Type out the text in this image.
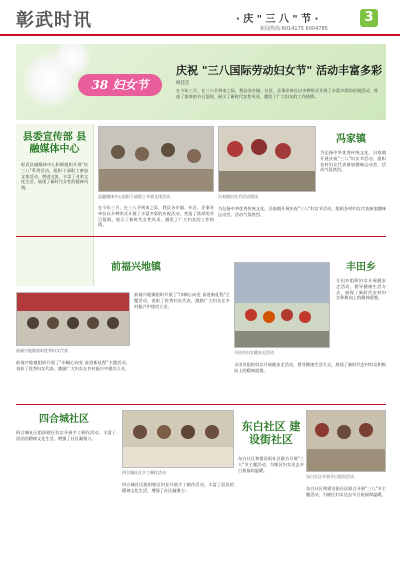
彰武时讯	· 庆 " 三 八 " 节 ·	3
新闻热线:6014175 6004785
38 妇女节
庆祝 "三八国际劳动妇女节" 活动丰富多彩
杨佳佳
在今年三月，在三八节到来之际，我县各乡镇、社区、企事业单位以多种形式开展了丰富多彩的庆祝活动，营造了浓厚的节日氛围，展示了新时代女性风采，激发了广大妇女的工作热情。
县委宣传部 县融媒体中心
彰武县融媒体中心积极组织开展"庆三八"系列活动，组织干部职工参加文体活动，增进交流，丰富了业余文化生活，展现了新时代女性的精神风貌。
县融媒体中心组织干部职工开展文体活动
在今年三月，在三八节到来之际，我县各乡镇、社区、企事业单位以多种形式开展了丰富多彩的庆祝活动，营造了浓厚的节日氛围，展示了新时代女性风采，激发了广大妇女的工作热情。
冯家镇
为弘扬中华优秀传统文化，冯家镇开展庆祝"三八"妇女节活动，组织各村妇女代表参加趣味运动会，活动气氛热烈。
冯家镇妇女节活动现场
为弘扬中华优秀传统文化，冯家镇开展庆祝"三八"妇女节活动，组织各村妇女代表参加趣味运动会，活动气氛热烈。
前福兴地镇
前福兴地镇表彰优秀妇女代表
前福兴地镇组织开展了"巾帼心向党 奋进新征程"主题活动，表彰了优秀妇女代表，激励广大妇女在乡村振兴中建功立业。
前福兴地镇组织开展了"巾帼心向党 奋进新征程"主题活动，表彰了优秀妇女代表，激励广大妇女在乡村振兴中建功立业。
丰田乡
丰田乡组织妇女开展健步走活动，倡导健康生活方式，展现了新时代农村妇女积极向上的精神面貌。
丰田乡妇女健步走活动
丰田乡组织妇女开展健步走活动，倡导健康生活方式，展现了新时代农村妇女积极向上的精神面貌。
四合城社区
四合城社区组织辖区妇女开展手工制作活动，丰富了居民的精神文化生活，增强了社区凝聚力。
四合城社区手工制作活动
四合城社区组织辖区妇女开展手工制作活动，丰富了居民的精神文化生活，增强了社区凝聚力。
东白社区 建设街社区
东白社区开展节日慰问活动
东白社区和建设街社区联合开展"三八"节主题活动，为辖区妇女送去节日祝福和温暖。
东白社区和建设街社区联合开展"三八"节主题活动，为辖区妇女送去节日祝福和温暖。
